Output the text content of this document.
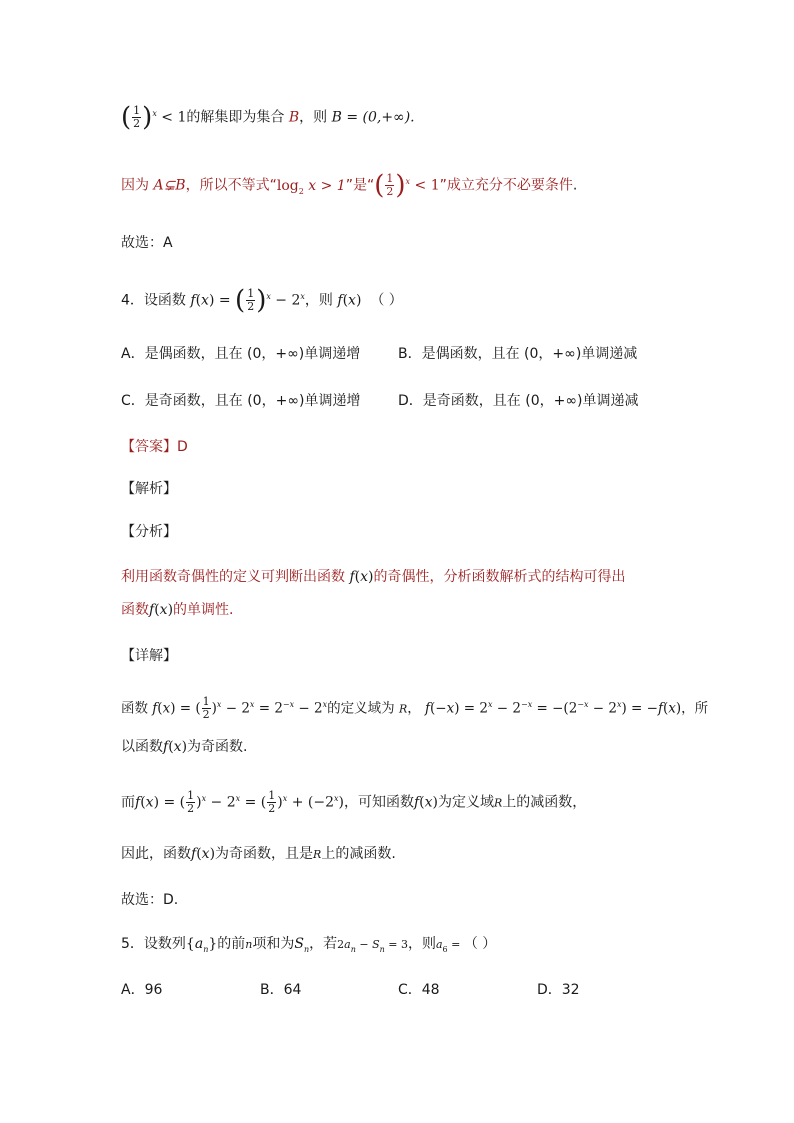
( $\frac{1}{2} )^x < 1$的解集即为集合 B，则 B = (0,+∞).
因为 A⊊B，所以不等式“$\log_2$ x > 1”是“( $\frac{1}{2} )^x < 1$”成立充分不必要条件.
故选：A
4．设函数 f(x) = ( $\frac{1}{2} )^x - 2^x$，则 f(x) （ ）
A．是偶函数，且在 (0，+∞)单调递增	B．是偶函数，且在 (0，+∞)单调递减
C．是奇函数，且在 (0，+∞)单调递增	D．是奇函数，且在 (0，+∞)单调递减
【答案】D
【解析】
【分析】
利用函数奇偶性的定义可判断出函数 f(x)的奇偶性，分析函数解析式的结构可得出
函数f(x)的单调性.
【详解】
函数 f(x) = ( $\frac{1}{2} )^x - 2^x = 2^{-x} - 2^x$的定义域为 R， $f(-x) = 2^x - 2^{-x} = -(2^{-x} - 2^x) = -f(x)$，所
以函数f(x)为奇函数.
而f(x) = ( $\frac{1}{2} )^x - 2^x$ = ( $\frac{1}{2} )^x + (-2^x)$，可知函数f(x)为定义域R上的减函数，
因此，函数f(x)为奇函数，且是R上的减函数.
故选：D.
5．设数列$\{a_n\}$的前n项和为$S_n$，若$2a_n - S_n = 3$，则$a_6$ = （ ）
A．96	B．64	C．48	D．32
